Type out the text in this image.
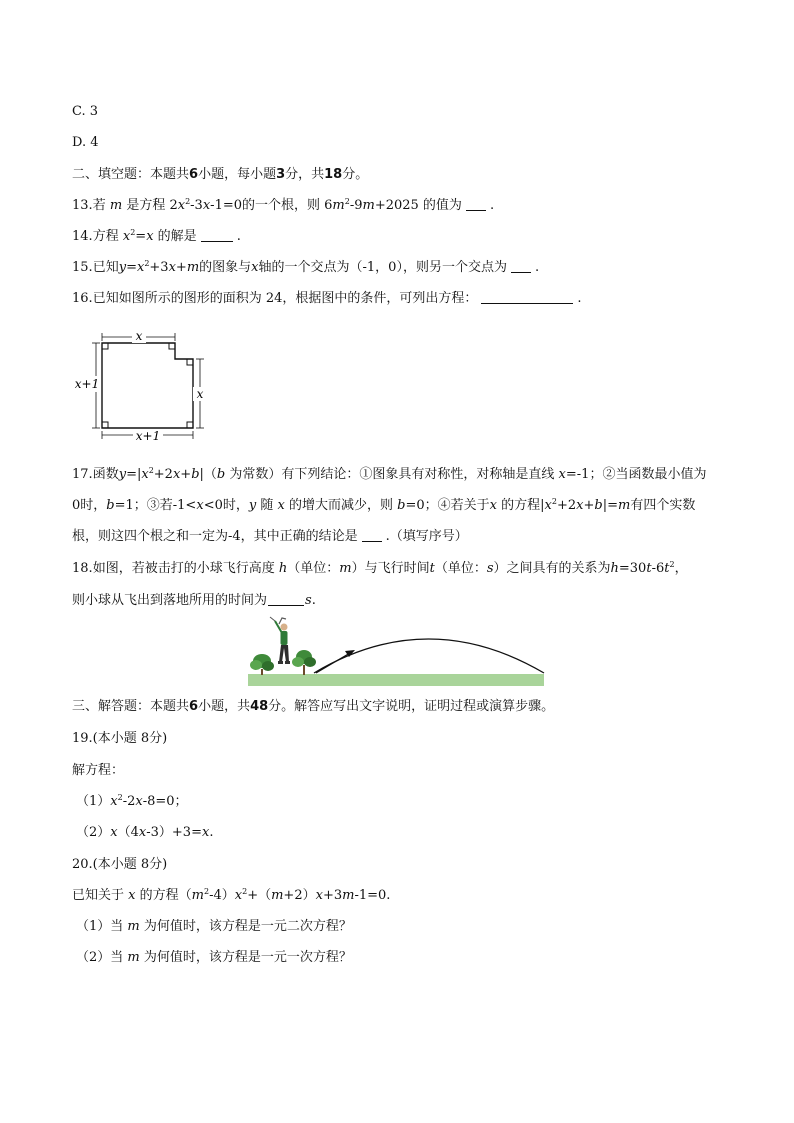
C. 3
D. 4
二、填空题：本题共6小题，每小题3分，共18分。
13.若 m 是方程 $2x^2-3x-1=0$的一个根，则 $6m^2-9m+2025$ 的值为 .
14.方程 $x^2=x$ 的解是	.
15.已知$y=x^2+3x+m$的图象与x轴的一个交点为（-1，0），则另一个交点为 .
16.已知如图所示的图形的面积为 24，根据图中的条件，可列出方程：	.
x
x+1
x
x+1
17.函数$y=|x^2+2x+b|(b$ 为常数）有下列结论：①图象具有对称性，对称轴是直线 x=-1；②当函数最小值为
0时，b=1；③若-1<x<0时，y 随 x 的增大而减少，则 b=0；④若关于x 的方程$|x^2+2x+b|=m$有四个实数
根，则这四个根之和一定为-4，其中正确的结论是 .（填写序号）
18.如图，若被击打的小球飞行高度 h（单位：m）与飞行时间t（单位：s）之间具有的关系为$h=30t-6t^2$，
则小球从飞出到落地所用的时间为	s.
三、解答题：本题共6小题，共48分。解答应写出文字说明，证明过程或演算步骤。
19.(本小题 8分)
解方程：
$(1)x^2-2x-8=0$；
（2）x（4x-3）+3=x.
20.(本小题 8分)
已知关于 x 的方程$(m^2-4)x^2+(m+2)x+3m-1=0$.
（1）当 m 为何值时，该方程是一元二次方程？
（2）当 m 为何值时，该方程是一元一次方程？
